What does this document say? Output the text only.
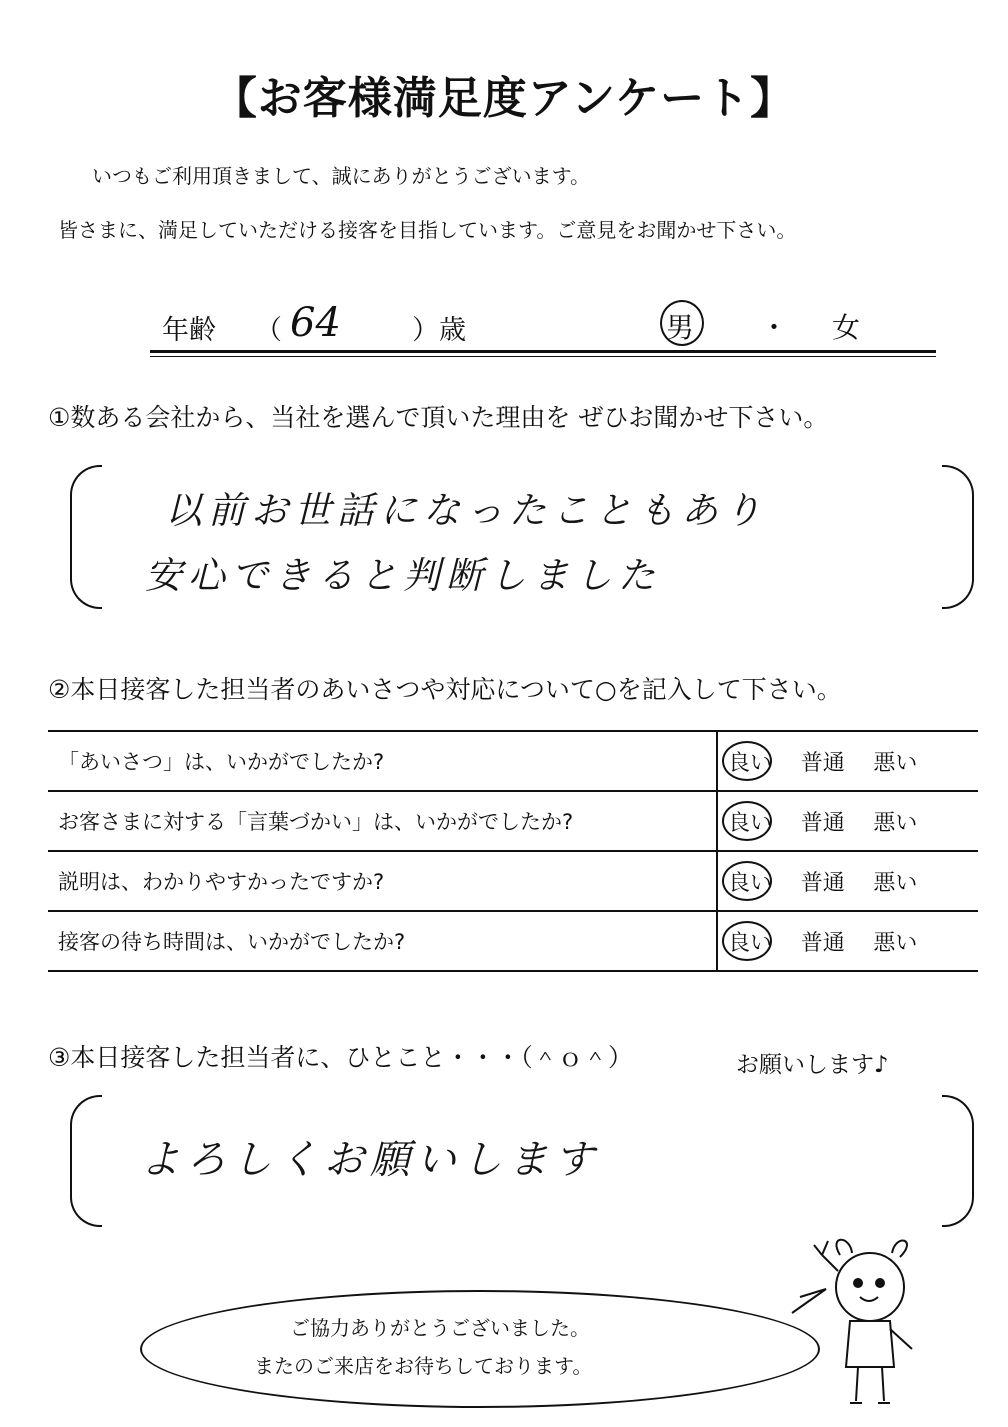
【お客様満足度アンケート】
いつもご利用頂きまして、誠にありがとうございます。
皆さまに、満足していただける接客を目指しています。ご意見をお聞かせ下さい。
年齢 （ 64	）歳	男 ・ 女
①数ある会社から、当社を選んで頂いた理由を ぜひお聞かせ下さい。
以前お世話になったこともあり
安心できると判断しました
②本日接客した担当者のあいさつや対応について○を記入して下さい。
「あいさつ」は、いかがでしたか?	良い 普通 悪い
お客さまに対する「言葉づかい」は、いかがでしたか?	良い 普通 悪い
説明は、わかりやすかったですか?	良い 普通 悪い
接客の待ち時間は、いかがでしたか?	良い 普通 悪い
③本日接客した担当者に、ひとこと・・・（＾ｏ＾）	お願いします♪
よろしくお願いします
ご協力ありがとうございました。
またのご来店をお待ちしております。
